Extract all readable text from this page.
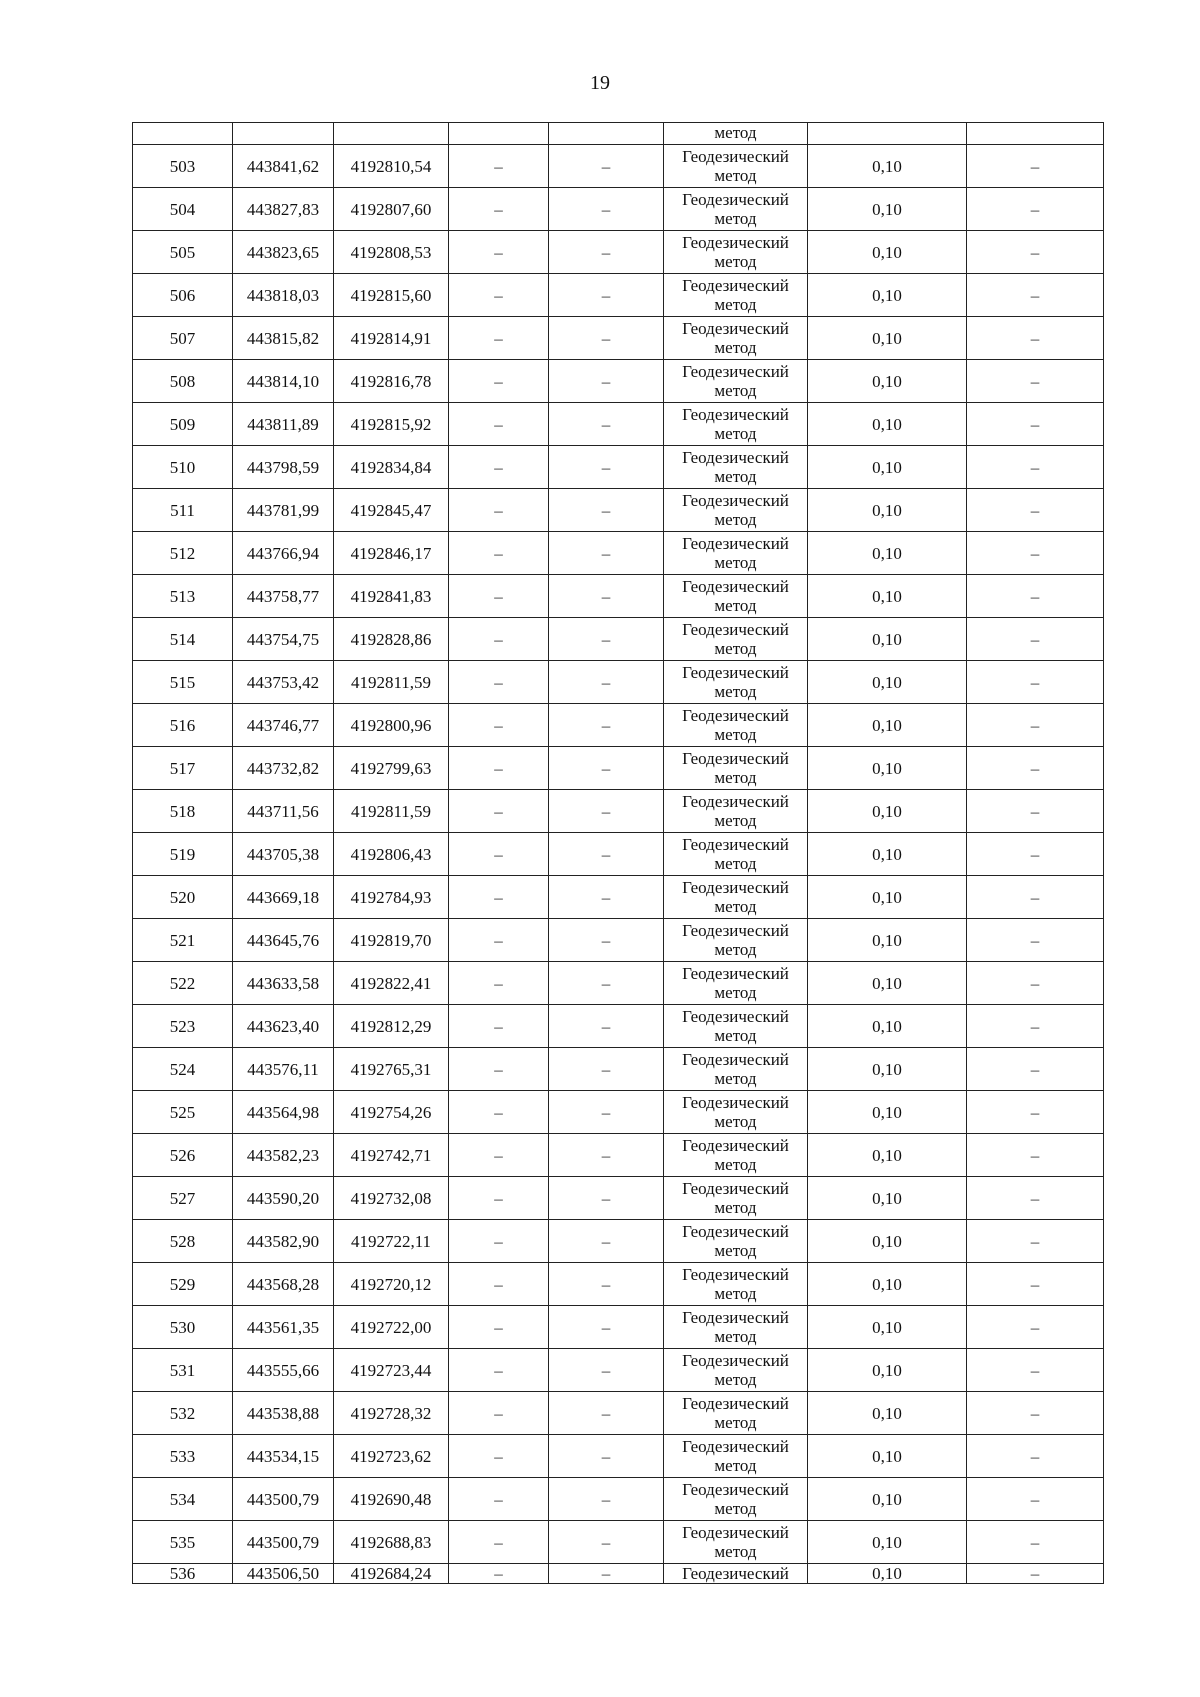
19
					метод		
503	443841,62	4192810,54	–	–	Геодезический
метод	0,10	–
504	443827,83	4192807,60	–	–	Геодезический
метод	0,10	–
505	443823,65	4192808,53	–	–	Геодезический
метод	0,10	–
506	443818,03	4192815,60	–	–	Геодезический
метод	0,10	–
507	443815,82	4192814,91	–	–	Геодезический
метод	0,10	–
508	443814,10	4192816,78	–	–	Геодезический
метод	0,10	–
509	443811,89	4192815,92	–	–	Геодезический
метод	0,10	–
510	443798,59	4192834,84	–	–	Геодезический
метод	0,10	–
511	443781,99	4192845,47	–	–	Геодезический
метод	0,10	–
512	443766,94	4192846,17	–	–	Геодезический
метод	0,10	–
513	443758,77	4192841,83	–	–	Геодезический
метод	0,10	–
514	443754,75	4192828,86	–	–	Геодезический
метод	0,10	–
515	443753,42	4192811,59	–	–	Геодезический
метод	0,10	–
516	443746,77	4192800,96	–	–	Геодезический
метод	0,10	–
517	443732,82	4192799,63	–	–	Геодезический
метод	0,10	–
518	443711,56	4192811,59	–	–	Геодезический
метод	0,10	–
519	443705,38	4192806,43	–	–	Геодезический
метод	0,10	–
520	443669,18	4192784,93	–	–	Геодезический
метод	0,10	–
521	443645,76	4192819,70	–	–	Геодезический
метод	0,10	–
522	443633,58	4192822,41	–	–	Геодезический
метод	0,10	–
523	443623,40	4192812,29	–	–	Геодезический
метод	0,10	–
524	443576,11	4192765,31	–	–	Геодезический
метод	0,10	–
525	443564,98	4192754,26	–	–	Геодезический
метод	0,10	–
526	443582,23	4192742,71	–	–	Геодезический
метод	0,10	–
527	443590,20	4192732,08	–	–	Геодезический
метод	0,10	–
528	443582,90	4192722,11	–	–	Геодезический
метод	0,10	–
529	443568,28	4192720,12	–	–	Геодезический
метод	0,10	–
530	443561,35	4192722,00	–	–	Геодезический
метод	0,10	–
531	443555,66	4192723,44	–	–	Геодезический
метод	0,10	–
532	443538,88	4192728,32	–	–	Геодезический
метод	0,10	–
533	443534,15	4192723,62	–	–	Геодезический
метод	0,10	–
534	443500,79	4192690,48	–	–	Геодезический
метод	0,10	–
535	443500,79	4192688,83	–	–	Геодезический
метод	0,10	–
536	443506,50	4192684,24	–	–	Геодезический	0,10	–
